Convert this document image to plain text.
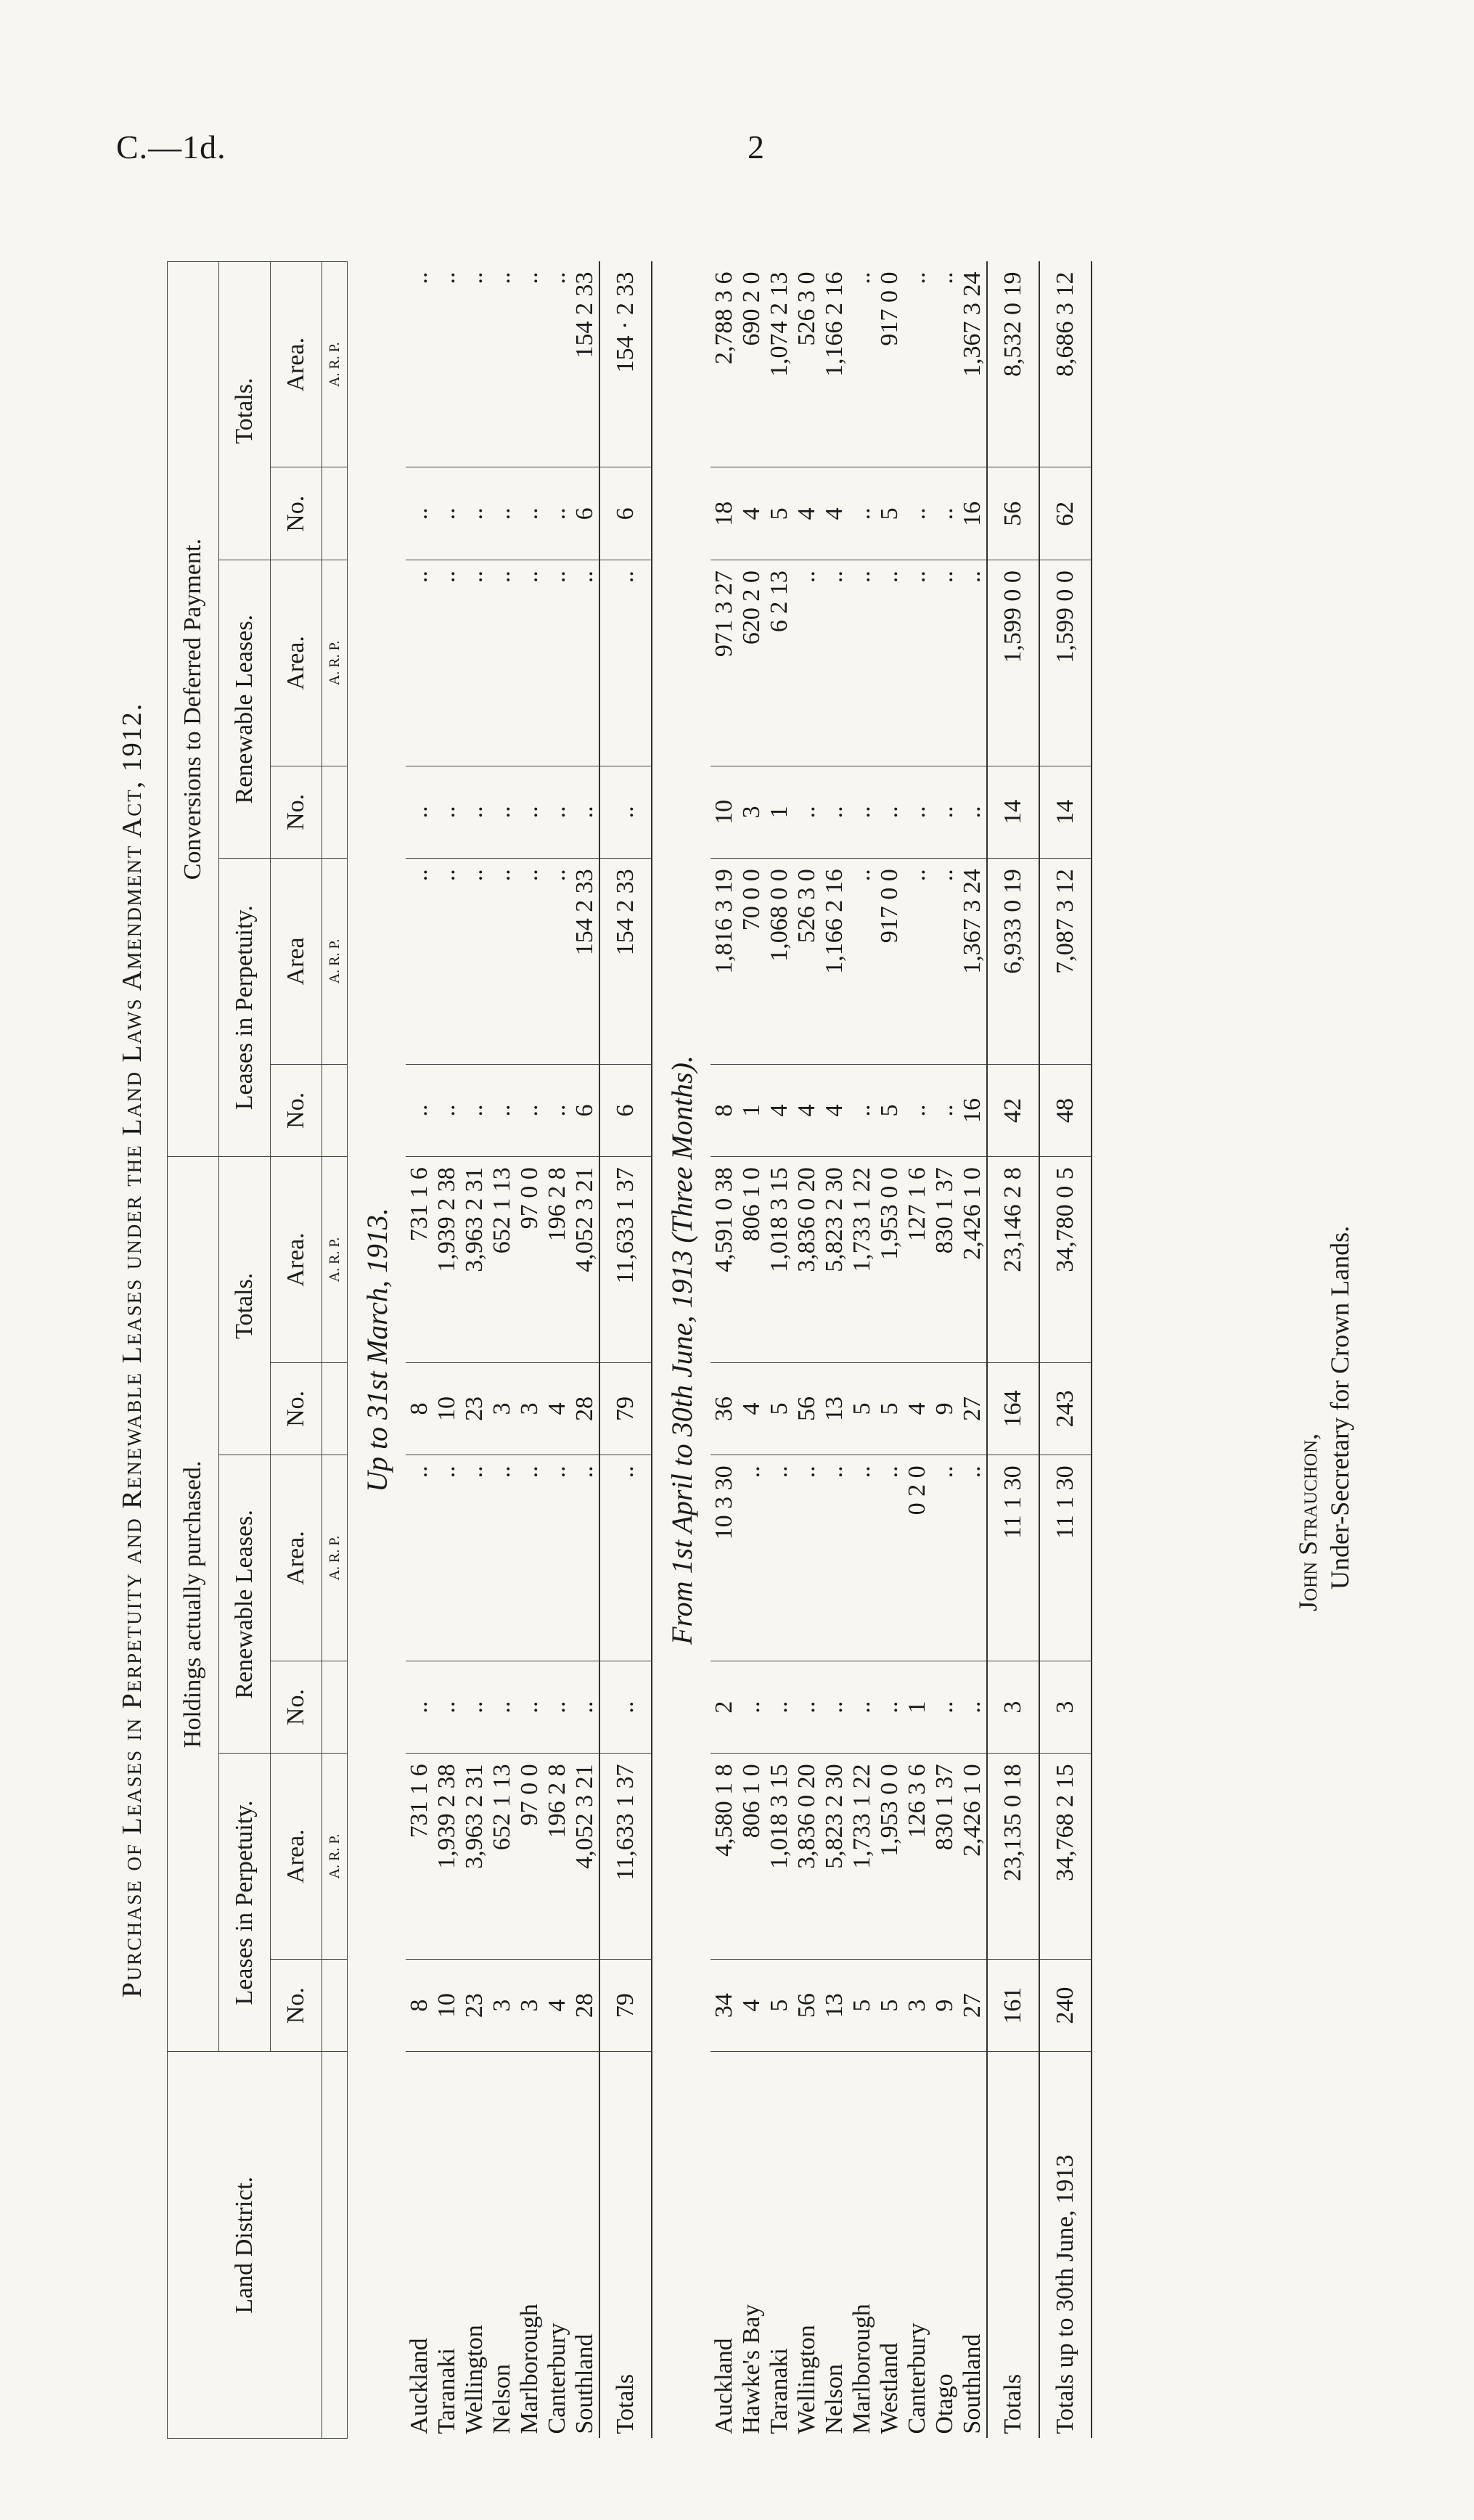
C.—1d.	2
Purchase of Leases in Perpetuity and Renewable Leases under the Land Laws Amendment Act, 1912.
Land District.	Holdings actually purchased.						Conversions to Deferred Payment.					
	Leases in Perpetuity.		Renewable Leases.		Totals.		Leases in Perpetuity.		Renewable Leases.		Totals.	
	No.	Area.	No.	Area.	No.	Area.	No.	Area	No.	Area.	No.	Area.
		A. R. P.		A. R. P.		A. R. P.		A. R. P.		A. R. P.		A. R. P.
Up to 31st March, 1913.												
Auckland	8	731 1 6	..	..	8	731 1 6	..	..	..	..	..	..
Taranaki	10	1,939 2 38	..	..	10	1,939 2 38	..	..	..	..	..	..
Wellington	23	3,963 2 31	..	..	23	3,963 2 31	..	..	..	..	..	..
Nelson	3	652 1 13	..	..	3	652 1 13	..	..	..	..	..	..
Marlborough	3	97 0 0	..	..	3	97 0 0	..	..	..	..	..	..
Canterbury	4	196 2 8	..	..	4	196 2 8	..	..	..	..	..	..
Southland	28	4,052 3 21	..	..	28	4,052 3 21	6	154 2 33	..	..	6	154 2 33
Totals	79	11,633 1 37	..	..	79	11,633 1 37	6	154 2 33	..	..	6	154 · 2 33
From 1st April to 30th June, 1913 (Three Months).												
Auckland	34	4,580 1 8	2	10 3 30	36	4,591 0 38	8	1,816 3 19	10	971 3 27	18	2,788 3 6
Hawke's Bay	4	806 1 0	..	..	4	806 1 0	1	70 0 0	3	620 2 0	4	690 2 0
Taranaki	5	1,018 3 15	..	..	5	1,018 3 15	4	1,068 0 0	1	6 2 13	5	1,074 2 13
Wellington	56	3,836 0 20	..	..	56	3,836 0 20	4	526 3 0	..	..	4	526 3 0
Nelson	13	5,823 2 30	..	..	13	5,823 2 30	4	1,166 2 16	..	..	4	1,166 2 16
Marlborough	5	1,733 1 22	..	..	5	1,733 1 22	..	..	..	..	..	..
Westland	5	1,953 0 0	..	..	5	1,953 0 0	5	917 0 0	..	..	5	917 0 0
Canterbury	3	126 3 6	1	0 2 0	4	127 1 6	..	..	..	..	..	..
Otago	9	830 1 37	..	..	9	830 1 37	..	..	..	..	..	..
Southland	27	2,426 1 0	..	..	27	2,426 1 0	16	1,367 3 24	..	..	16	1,367 3 24
Totals	161	23,135 0 18	3	11 1 30	164	23,146 2 8	42	6,933 0 19	14	1,599 0 0	56	8,532 0 19
Totals up to 30th June, 1913	240	34,768 2 15	3	11 1 30	243	34,780 0 5	48	7,087 3 12	14	1,599 0 0	62	8,686 3 12
John Strauchon, Under-Secretary for Crown Lands.
